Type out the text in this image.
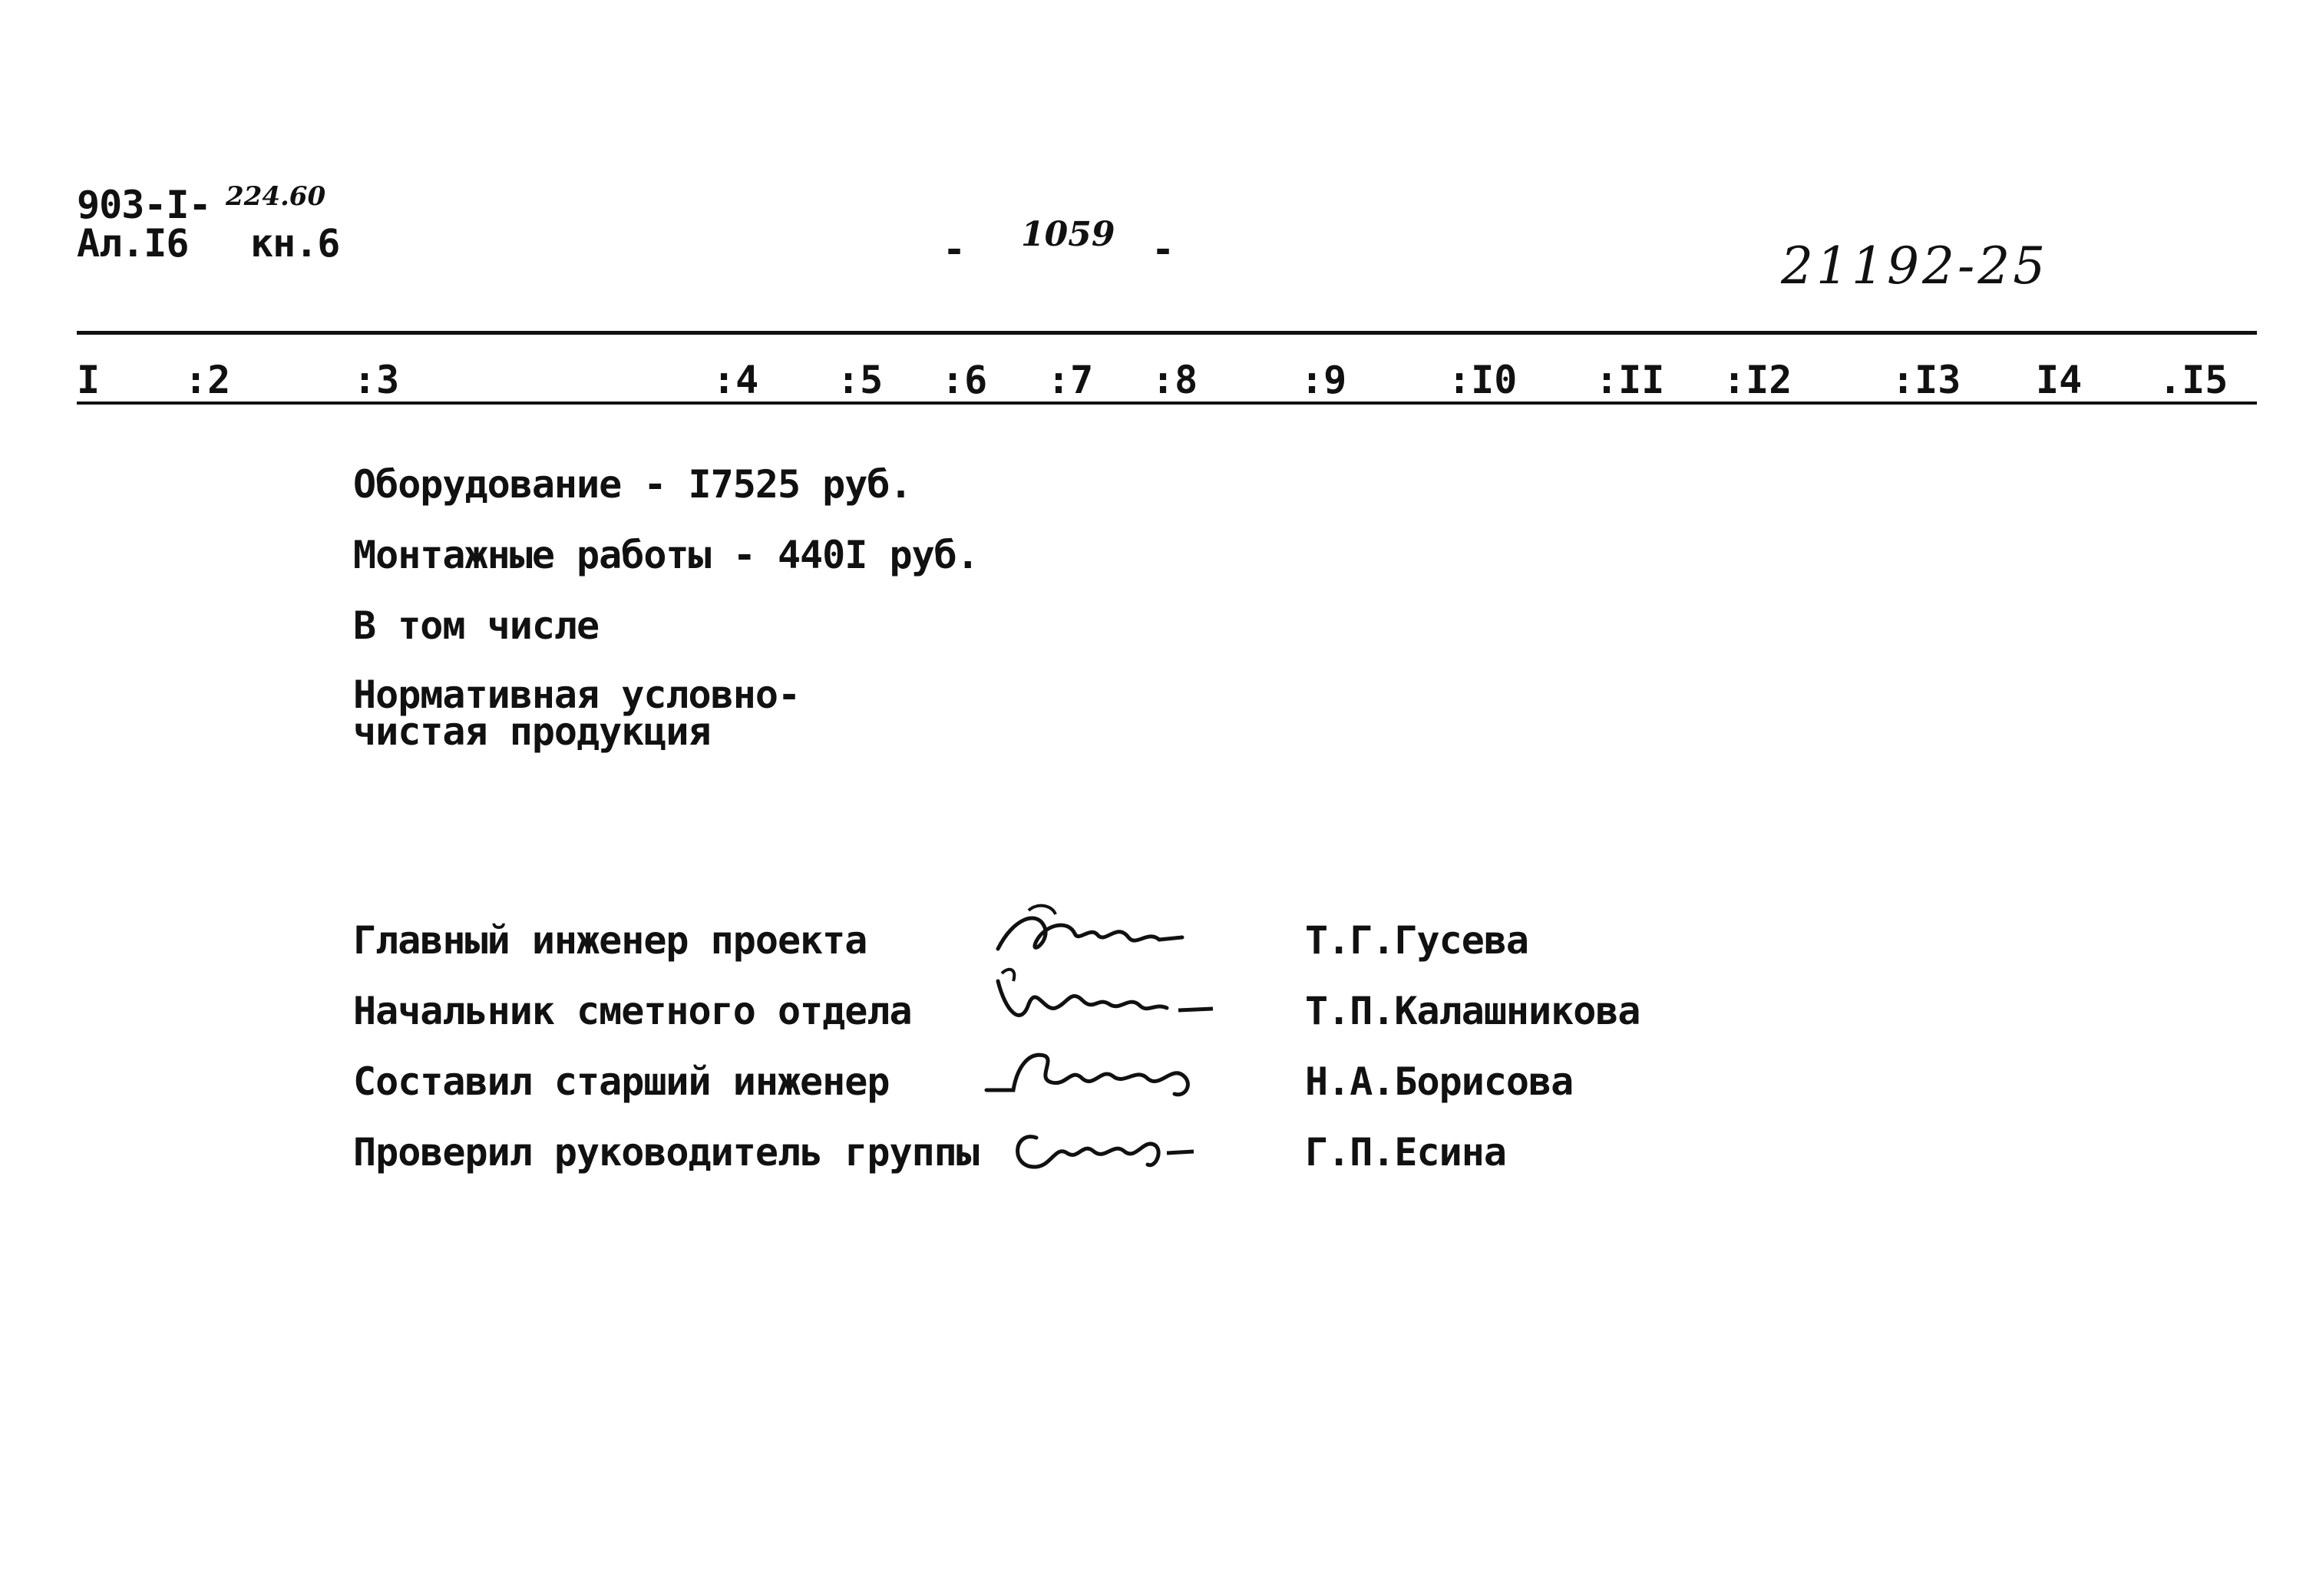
903-I- 224.60
Ал.I6 кн.6	- 1059 -	21192-25
I :2	:3	:4 :5 :6 :7 :8	:9	:I0 :II :I2	:I3 I4 .I5
Оборудование - I7525 руб.
Монтажные работы - 440I руб.
В том числе
Нормативная условно-
чистая продукция
Главный инженер проекта	Т.Г.Гусева
Начальник сметного отдела	Т.П.Калашникова
Составил старший инженер	Н.А.Борисова
Проверил руководитель группы	Г.П.Есина
